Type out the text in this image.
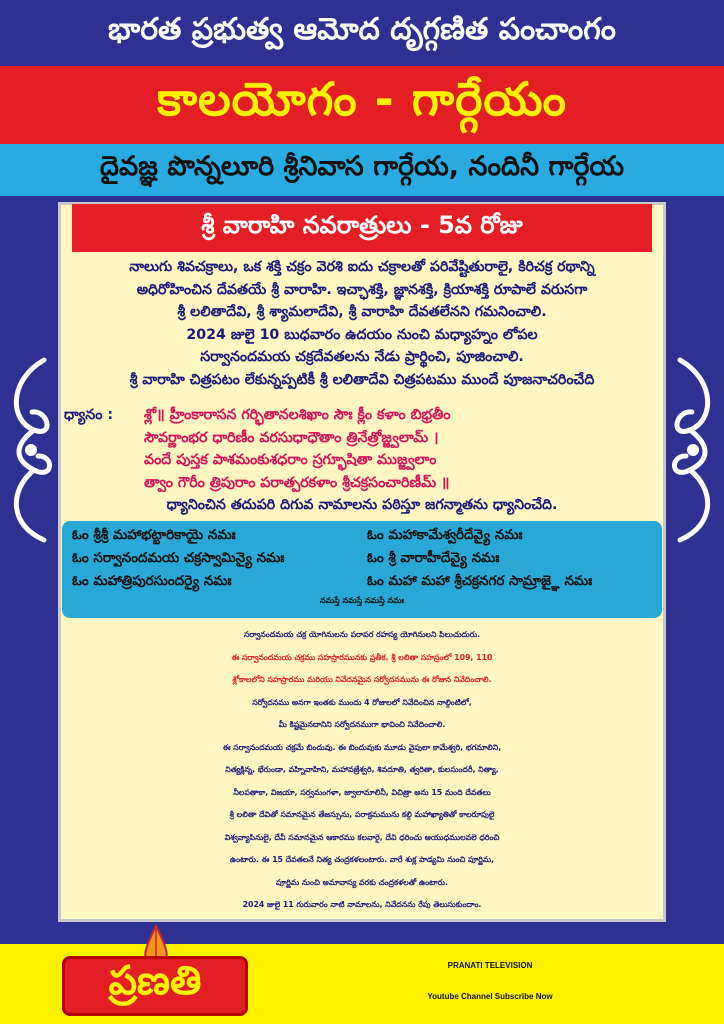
భారత ప్రభుత్వ ఆమోద దృగ్గణిత పంచాంగం
కాలయోగం - గార్గేయం
దైవజ్ఞ పొన్నలూరి శ్రీనివాస గార్గేయ, నందినీ గార్గేయ
శ్రీ వారాహి నవరాత్రులు - 5వ రోజు

నాలుగు శివచక్రాలు, ఒక శక్తి చక్రం వెరశి ఐదు చక్రాలతో పరివేష్టితురాలై, కిరిచక్ర రథాన్ని

అధిరోహించిన దేవతయే శ్రీ వారాహి. ఇచ్ఛాశక్తి, జ్ఞానశక్తి, క్రియాశక్తి రూపాలే వరుసగా

శ్రీ లలితాదేవి, శ్రీ శ్యామలాదేవి, శ్రీ వారాహి దేవతలేనని గమనించాలి.

2024 జులై 10 బుధవారం ఉదయం నుంచి మధ్యాహ్నం లోపల

సర్వానందమయ చక్రదేవతలను నేడు ప్రార్థించి, పూజించాలి.

శ్రీ వారాహి చిత్రపటం లేకున్నప్పటికీ శ్రీ లలితాదేవి చిత్రపటము ముందే పూజనాచరించేది

ధ్యానం :	శ్లో॥ హ్రీంకారాసన గర్భితానలశిఖాం సౌః క్లీం కళాం బిభ్రతీం
సౌవర్ణాంభర ధారిణీం వరసుధాధౌతాం త్రినేత్రోజ్జ్వలామ్ ।
వందే పుస్తక పాశమంకుశధరాం స్రగ్భూషితా ముజ్జ్వలాం
త్వాం గౌరీం త్రిపురాం పరాత్పరకళాం శ్రీచక్రసంచారిణీమ్ ॥
ధ్యానించిన తదుపరి దిగువ నామాలను పఠిస్తూ జగన్మాతను ధ్యానించేది.
ఓం శ్రీశ్రీ మహాభట్టారికాయై నమః	ఓం మహాకామేశ్వరీదేవ్యై నమః
ఓం సర్వానందమయ చక్రస్వామిన్యై నమః	ఓం శ్రీ వారాహీదేవ్యై నమః
ఓం మహాత్రిపురసుందర్యై నమః	ఓం మహా మహా శ్రీచక్రనగర సామ్రాజ్ఞై నమః
నమస్తే నమస్తే నమస్తే నమః

సర్వానందమయ చక్ర యోగినులను పరాపర రహస్య యోగినులని పిలుచుదురు.

ఈ సర్వానందమయ చక్రము సహస్రారమునకు ప్రతీక. శ్రీ లలితా సహస్రంలో 109, 110

శ్లోకాలలోని సహస్రారము మరియు నివేదనమైన సర్వోదనమును ఈ రోజున నివేదించాలి.

సర్వోదనము అనగా ఇంతకు ముందు 4 రోజులలో నివేదించిన నాల్గింటిలో,

మీ కిష్టమైనదానిని సర్వోదనముగా భావించి నివేదించాలి.

ఈ సర్వానందమయ చక్రమే బిందువు. ఈ బిందువుకు మూడు వైపులా కామేశ్వరి, భగమాలిని,

నిత్యక్లిన్న, భేరుండా, వహ్నివాహిని, మహావజ్రేశ్వరి, శివదూతి, త్వరితా, కులసుందరీ, నిత్యా,

నీలపతాకా, విజయా, సర్వమంగళా, జ్వాలామాలినీ, విచిత్రా అను 15 మంది దేవతలు

శ్రీ లలితా దేవితో సమానమైన తేజస్సును, పరాక్రమమును కల్గి మహాఖ్యాతితో కాలరూపులై

విశ్వవ్యాపినులై, దేవీ సమానమైన ఆకారము కలవారై, దేవి ధరించు ఆయుధములవలె ధరించి

ఉంటారు. ఈ 15 దేవతలనే నిత్య చంద్రకళలంటారు. వారే శుక్ల పాడ్యమి నుంచి పూర్ణిమ,

పూర్ణిమ నుంచి అమావాస్య వరకు చంద్రకళలతో ఉంటారు.

2024 జులై 11 గురువారం నాటి నామాలను, నివేదనను రేపు తెలుసుకుందాం.

ప్రణతి	PRANATI TELEVISION
Youtube Channel Subscribe Now
